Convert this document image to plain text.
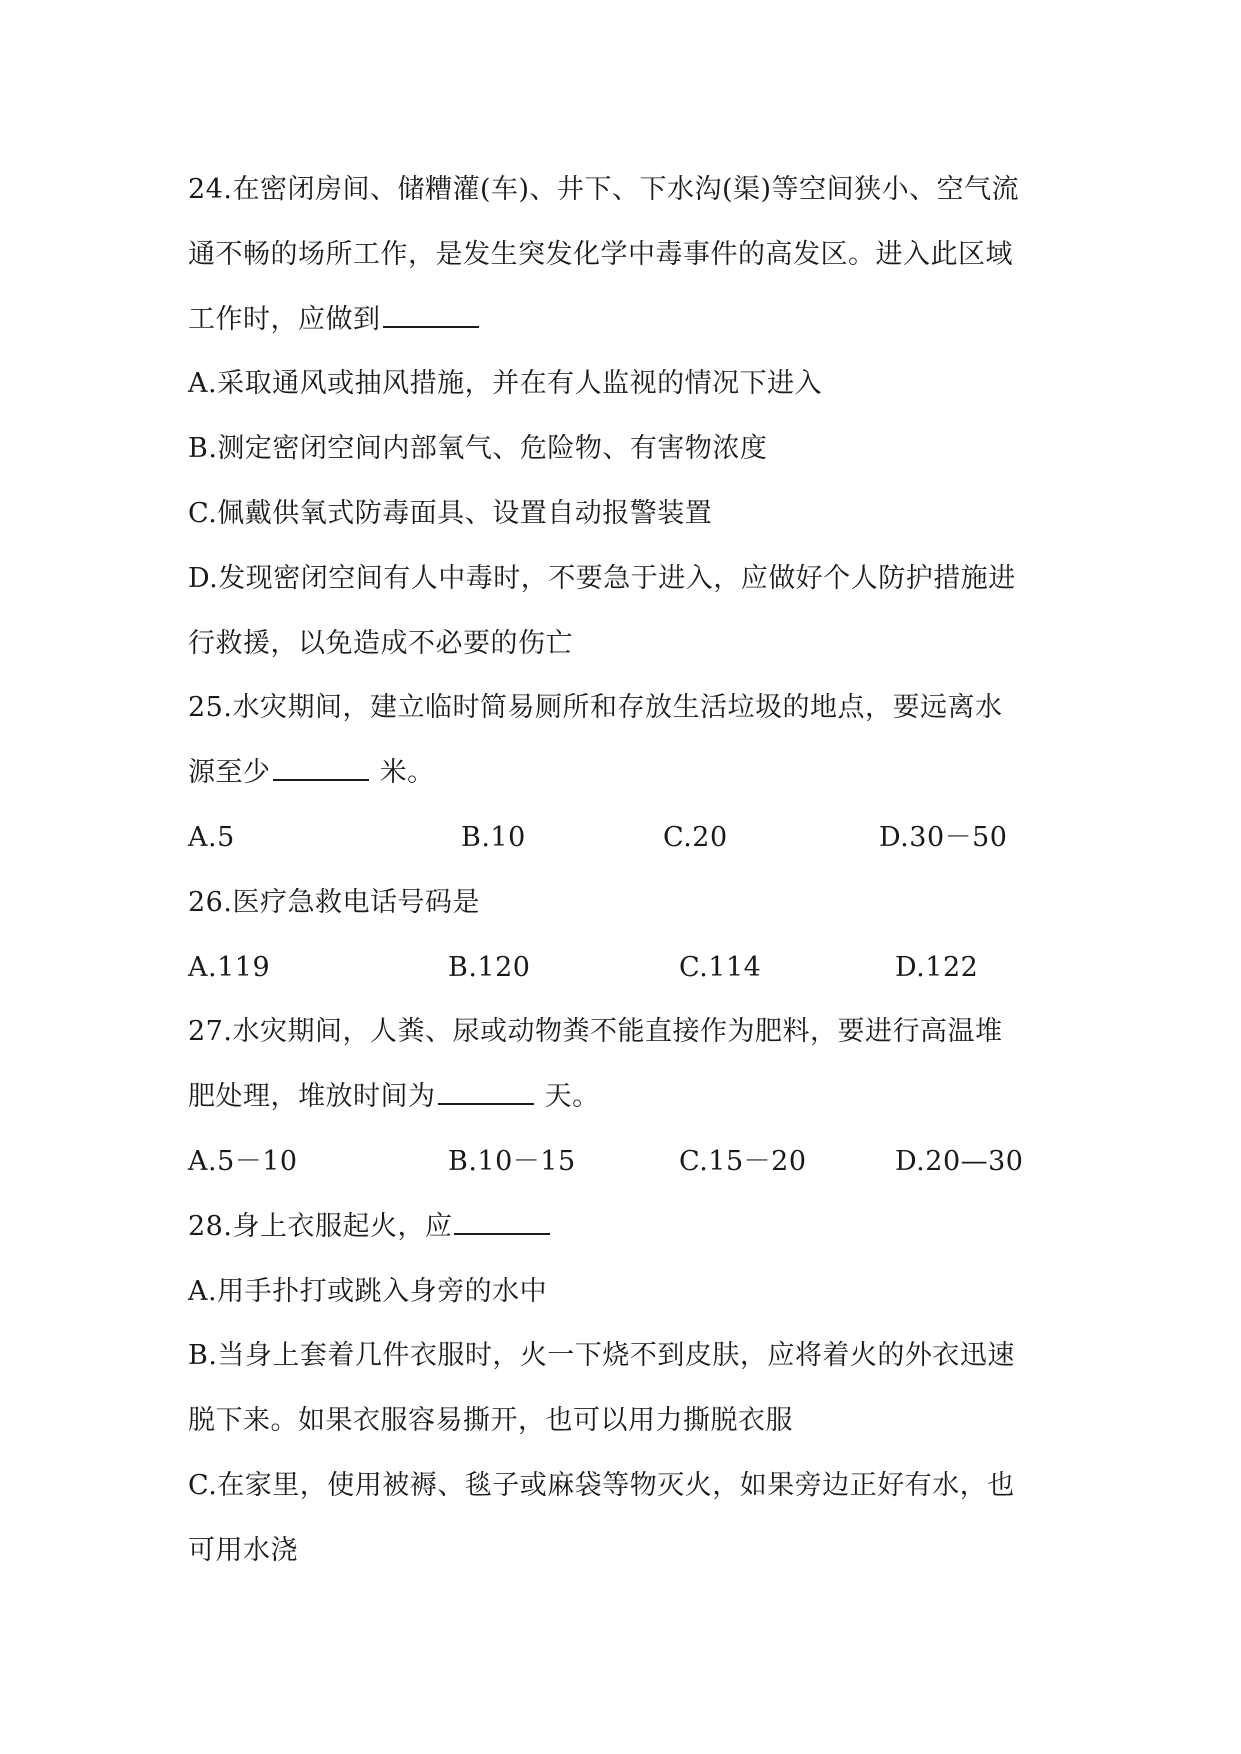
24.在密闭房间、储糟灌(车)、井下、下水沟(渠)等空间狭小、空气流
通不畅的场所工作，是发生突发化学中毒事件的高发区。进入此区域
工作时，应做到
A.采取通风或抽风措施，并在有人监视的情况下进入
B.测定密闭空间内部氧气、危险物、有害物浓度
C.佩戴供氧式防毒面具、设置自动报警装置
D.发现密闭空间有人中毒时，不要急于进入，应做好个人防护措施进
行救援，以免造成不必要的伤亡
25.水灾期间，建立临时简易厕所和存放生活垃圾的地点，要远离水
源至少	米。
A.5	B.10	C.20	D.30－50
26.医疗急救电话号码是
A.119	B.120	C.114	D.122
27.水灾期间，人粪、尿或动物粪不能直接作为肥料，要进行高温堆
肥处理，堆放时间为	天。
A.5－10	B.10－15	C.15－20	D.20—30
28.身上衣服起火，应
A.用手扑打或跳入身旁的水中
B.当身上套着几件衣服时，火一下烧不到皮肤，应将着火的外衣迅速
脱下来。如果衣服容易撕开，也可以用力撕脱衣服
C.在家里，使用被褥、毯子或麻袋等物灭火，如果旁边正好有水，也
可用水浇
